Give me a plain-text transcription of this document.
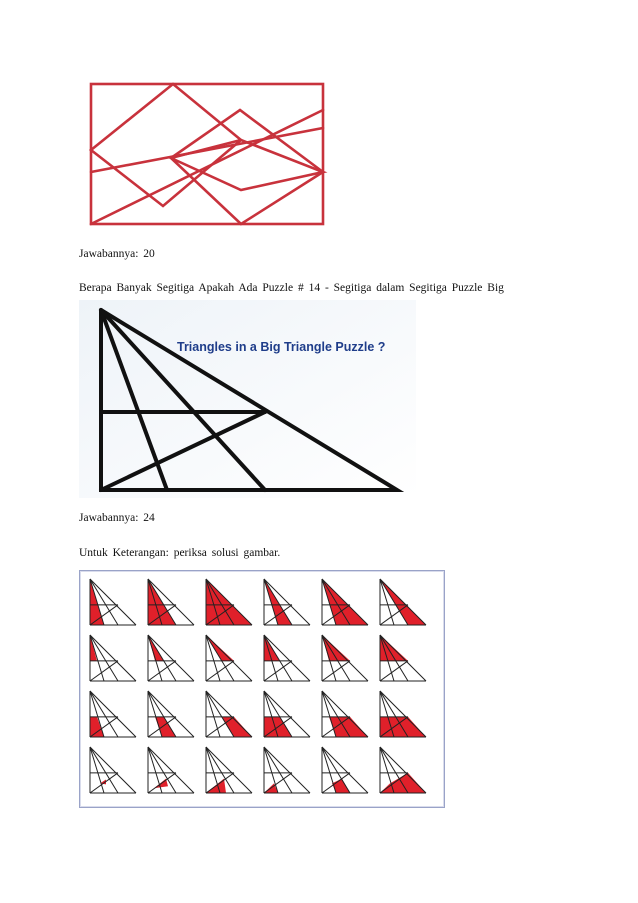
Jawabannya: 20
Berapa Banyak Segitiga Apakah Ada Puzzle # 14 - Segitiga dalam Segitiga Puzzle Big
Triangles in a Big Triangle Puzzle ?
Jawabannya: 24
Untuk Keterangan: periksa solusi gambar.
